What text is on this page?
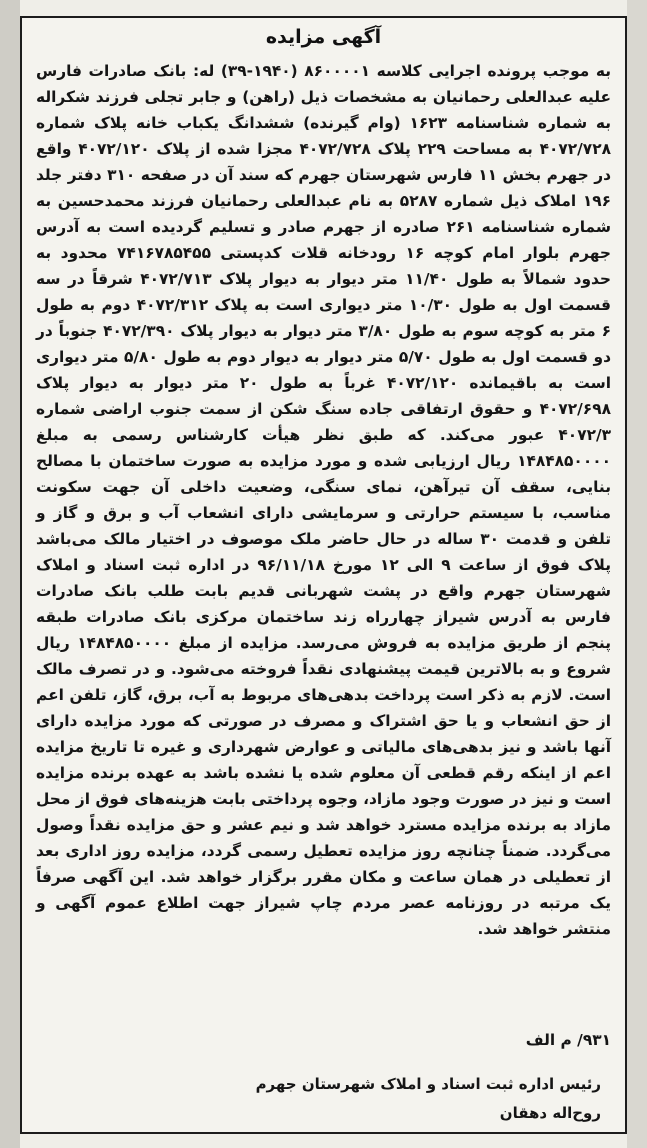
آگهی مزایده
به موجب پرونده اجرایی کلاسه ۸۶۰۰۰۰۱ (۱۹۴۰-۳۹) له: بانک صادرات فارس علیه عبدالعلی رحمانیان به مشخصات ذیل (راهن) و جابر تجلی فرزند شکراله به شماره شناسنامه ۱۶۲۳ (وام گیرنده) ششدانگ یکباب خانه پلاک شماره ۴۰۷۲/۷۲۸ به مساحت ۲۲۹ پلاک ۴۰۷۲/۷۲۸ مجزا شده از پلاک ۴۰۷۲/۱۲۰ واقع در جهرم بخش ۱۱ فارس شهرستان جهرم که سند آن در صفحه ۳۱۰ دفتر جلد ۱۹۶ املاک ذیل شماره ۵۲۸۷ به نام عبدالعلی رحمانیان فرزند محمدحسین به شماره شناسنامه ۲۶۱ صادره از جهرم صادر و تسلیم گردیده است به آدرس جهرم بلوار امام کوچه ۱۶ رودخانه قلات کدپستی ۷۴۱۶۷۸۵۴۵۵ محدود به حدود شمالاً به طول ۱۱/۴۰ متر دیوار به دیوار پلاک ۴۰۷۲/۷۱۳ شرقاً در سه قسمت اول به طول ۱۰/۳۰ متر دیواری است به پلاک ۴۰۷۲/۳۱۲ دوم به طول ۶ متر به کوچه سوم به طول ۳/۸۰ متر دیوار به دیوار پلاک ۴۰۷۲/۳۹۰ جنوباً در دو قسمت اول به طول ۵/۷۰ متر دیوار به دیوار دوم به طول ۵/۸۰ متر دیواری است به باقیمانده ۴۰۷۲/۱۲۰ غرباً به طول ۲۰ متر دیوار به دیوار پلاک ۴۰۷۲/۶۹۸ و حقوق ارتفاقی جاده سنگ شکن از سمت جنوب اراضی شماره ۴۰۷۲/۳ عبور می‌کند. که طبق نظر هیأت کارشناس رسمی به مبلغ ۱۴۸۴۸۵۰۰۰۰ ریال ارزیابی شده و مورد مزایده به صورت ساختمان با مصالح بنایی، سقف آن تیرآهن، نمای سنگی، وضعیت داخلی آن جهت سکونت مناسب، با سیستم حرارتی و سرمایشی دارای انشعاب آب و برق و گاز و تلفن و قدمت ۳۰ ساله در حال حاضر ملک موصوف در اختیار مالک می‌باشد پلاک فوق از ساعت ۹ الی ۱۲ مورخ ۹۶/۱۱/۱۸ در اداره ثبت اسناد و املاک شهرستان جهرم واقع در پشت شهربانی قدیم بابت طلب بانک صادرات فارس به آدرس شیراز چهارراه زند ساختمان مرکزی بانک صادرات طبقه پنجم از طریق مزایده به فروش می‌رسد. مزایده از مبلغ ۱۴۸۴۸۵۰۰۰۰ ریال شروع و به بالاترین قیمت پیشنهادی نقداً فروخته می‌شود. و در تصرف مالک است. لازم به ذکر است پرداخت بدهی‌های مربوط به آب، برق، گاز، تلفن اعم از حق انشعاب و یا حق اشتراک و مصرف در صورتی که مورد مزایده دارای آنها باشد و نیز بدهی‌های مالیاتی و عوارض شهرداری و غیره تا تاریخ مزایده اعم از اینکه رقم قطعی آن معلوم شده یا نشده باشد به عهده برنده مزایده است و نیز در صورت وجود مازاد، وجوه پرداختی بابت هزینه‌های فوق از محل مازاد به برنده مزایده مسترد خواهد شد و نیم عشر و حق مزایده نقداً وصول می‌گردد. ضمناً چنانچه روز مزایده تعطیل رسمی گردد، مزایده روز اداری بعد از تعطیلی در همان ساعت و مکان مقرر برگزار خواهد شد. این آگهی صرفاً یک مرتبه در روزنامه عصر مردم چاپ شیراز جهت اطلاع عموم آگهی و منتشر خواهد شد.
۹۳۱/ م الف
رئیس اداره ثبت اسناد و املاک شهرستان جهرم
روح‌اله دهقان
